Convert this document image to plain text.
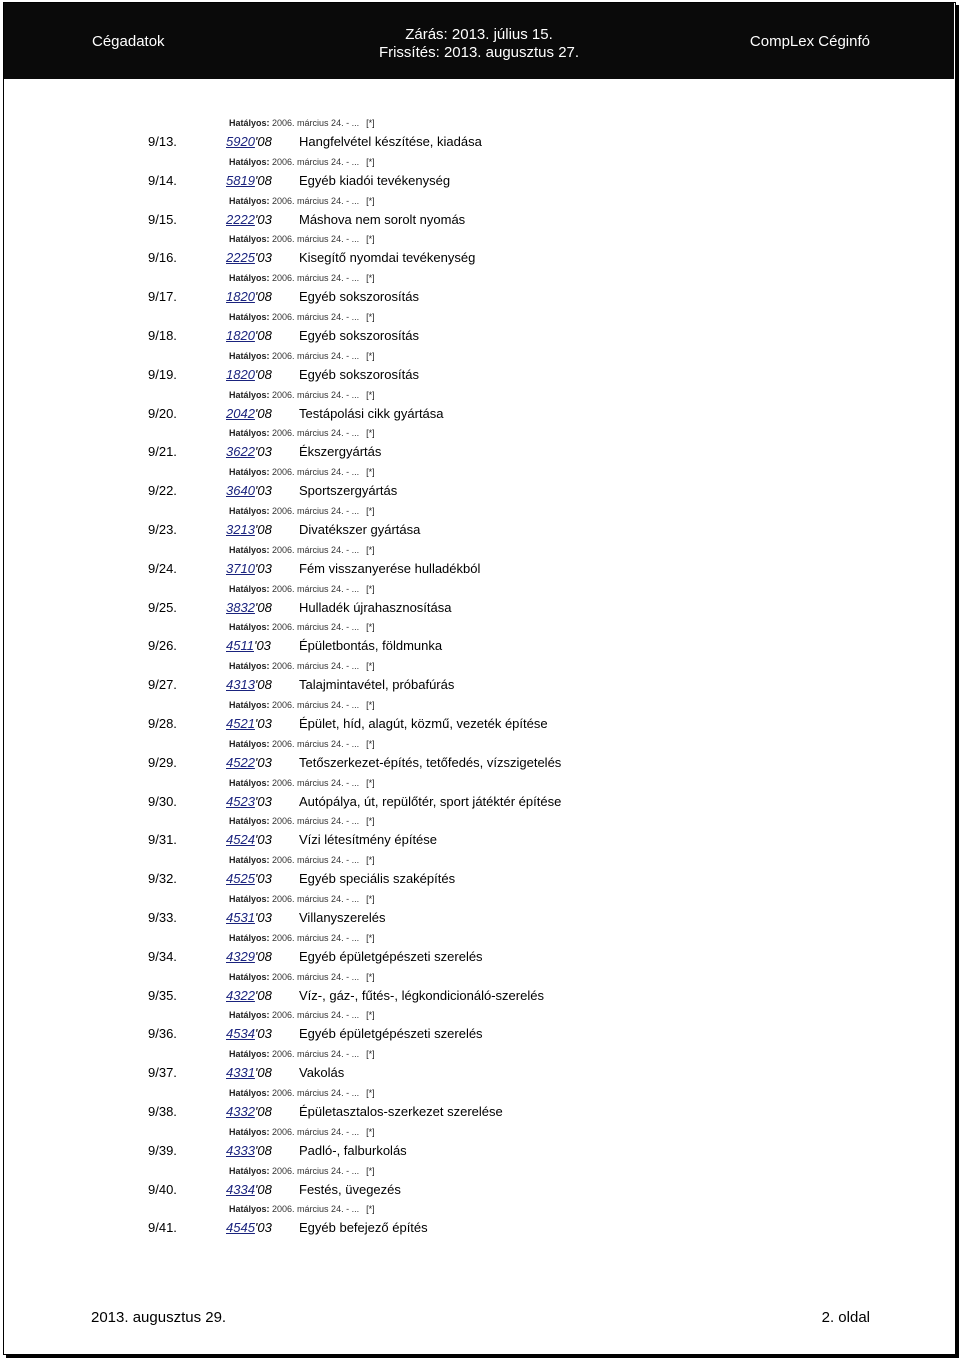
Cégadatok	Zárás: 2013. július 15.
Frissítés: 2013. augusztus 27.
CompLex Céginfó
Hatályos: 2006. március 24. - ... [*]
9/13.	5920'08 Hangfelvétel készítése, kiadása
Hatályos: 2006. március 24. - ... [*]
9/14.	5819'08 Egyéb kiadói tevékenység
Hatályos: 2006. március 24. - ... [*]
9/15.	2222'03 Máshova nem sorolt nyomás
Hatályos: 2006. március 24. - ... [*]
9/16.	2225'03 Kisegítő nyomdai tevékenység
Hatályos: 2006. március 24. - ... [*]
9/17.	1820'08 Egyéb sokszorosítás
Hatályos: 2006. március 24. - ... [*]
9/18.	1820'08 Egyéb sokszorosítás
Hatályos: 2006. március 24. - ... [*]
9/19.	1820'08 Egyéb sokszorosítás
Hatályos: 2006. március 24. - ... [*]
9/20.	2042'08 Testápolási cikk gyártása
Hatályos: 2006. március 24. - ... [*]
9/21.	3622'03 Ékszergyártás
Hatályos: 2006. március 24. - ... [*]
9/22.	3640'03 Sportszergyártás
Hatályos: 2006. március 24. - ... [*]
9/23.	3213'08 Divatékszer gyártása
Hatályos: 2006. március 24. - ... [*]
9/24.	3710'03 Fém visszanyerése hulladékból
Hatályos: 2006. március 24. - ... [*]
9/25.	3832'08 Hulladék újrahasznosítása
Hatályos: 2006. március 24. - ... [*]
9/26.	4511'03 Épületbontás, földmunka
Hatályos: 2006. március 24. - ... [*]
9/27.	4313'08 Talajmintavétel, próbafúrás
Hatályos: 2006. március 24. - ... [*]
9/28.	4521'03 Épület, híd, alagút, közmű, vezeték építése
Hatályos: 2006. március 24. - ... [*]
9/29.	4522'03 Tetőszerkezet-építés, tetőfedés, vízszigetelés
Hatályos: 2006. március 24. - ... [*]
9/30.	4523'03 Autópálya, út, repülőtér, sport játéktér építése
Hatályos: 2006. március 24. - ... [*]
9/31.	4524'03 Vízi létesítmény építése
Hatályos: 2006. március 24. - ... [*]
9/32.	4525'03 Egyéb speciális szaképítés
Hatályos: 2006. március 24. - ... [*]
9/33.	4531'03 Villanyszerelés
Hatályos: 2006. március 24. - ... [*]
9/34.	4329'08 Egyéb épületgépészeti szerelés
Hatályos: 2006. március 24. - ... [*]
9/35.	4322'08 Víz-, gáz-, fűtés-, légkondicionáló-szerelés
Hatályos: 2006. március 24. - ... [*]
9/36.	4534'03 Egyéb épületgépészeti szerelés
Hatályos: 2006. március 24. - ... [*]
9/37.	4331'08 Vakolás
Hatályos: 2006. március 24. - ... [*]
9/38.	4332'08 Épületasztalos-szerkezet szerelése
Hatályos: 2006. március 24. - ... [*]
9/39.	4333'08 Padló-, falburkolás
Hatályos: 2006. március 24. - ... [*]
9/40.	4334'08 Festés, üvegezés
Hatályos: 2006. március 24. - ... [*]
9/41.	4545'03 Egyéb befejező építés
2013. augusztus 29.	2. oldal
